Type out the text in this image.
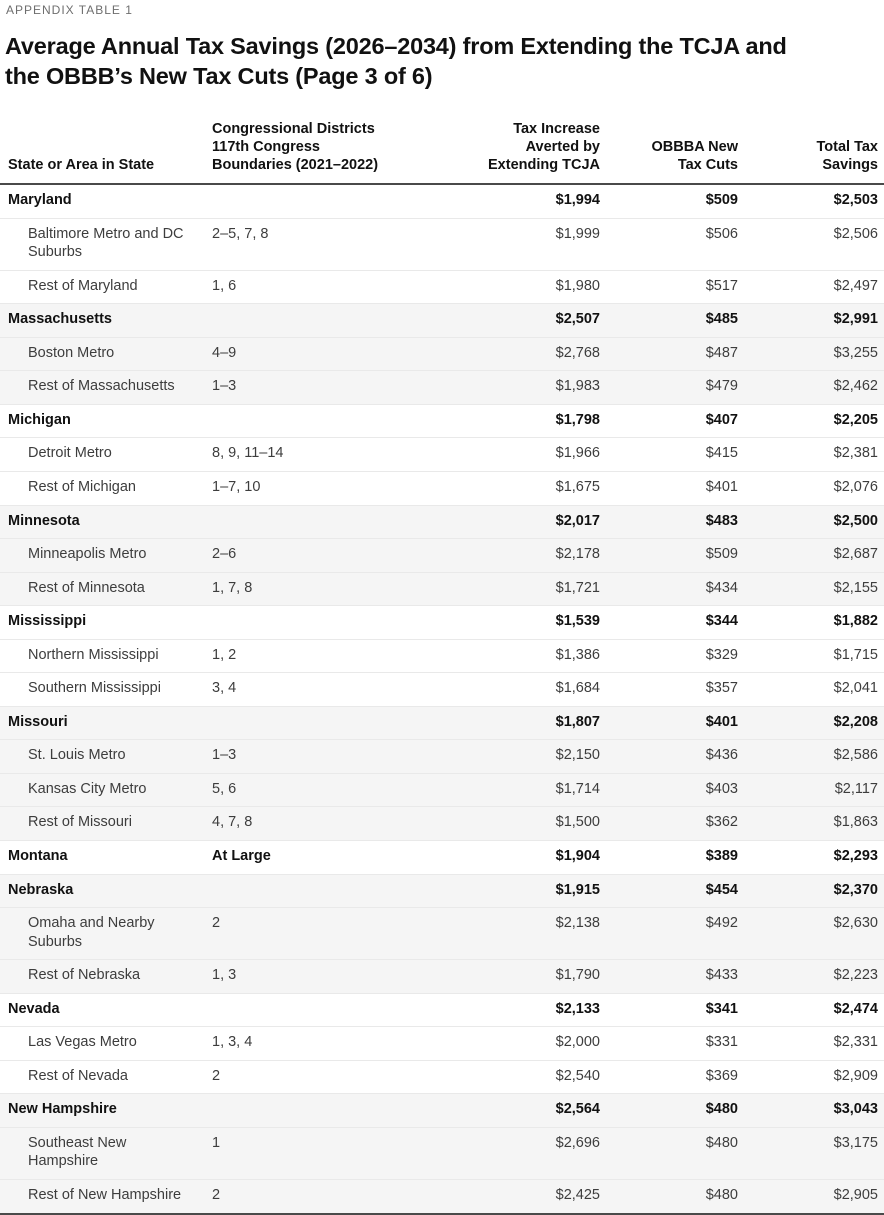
APPENDIX TABLE 1
Average Annual Tax Savings (2026–2034) from Extending the TCJA and the OBBB’s New Tax Cuts (Page 3 of 6)
State or Area in State	Congressional Districts 117th Congress Boundaries (2021–2022)	Tax Increase Averted by Extending TCJA	OBBBA New Tax Cuts	Total Tax Savings
Maryland		$1,994	$509	$2,503
Baltimore Metro and DC Suburbs	2–5, 7, 8	$1,999	$506	$2,506
Rest of Maryland	1, 6	$1,980	$517	$2,497
Massachusetts		$2,507	$485	$2,991
Boston Metro	4–9	$2,768	$487	$3,255
Rest of Massachusetts	1–3	$1,983	$479	$2,462
Michigan		$1,798	$407	$2,205
Detroit Metro	8, 9, 11–14	$1,966	$415	$2,381
Rest of Michigan	1–7, 10	$1,675	$401	$2,076
Minnesota		$2,017	$483	$2,500
Minneapolis Metro	2–6	$2,178	$509	$2,687
Rest of Minnesota	1, 7, 8	$1,721	$434	$2,155
Mississippi		$1,539	$344	$1,882
Northern Mississippi	1, 2	$1,386	$329	$1,715
Southern Mississippi	3, 4	$1,684	$357	$2,041
Missouri		$1,807	$401	$2,208
St. Louis Metro	1–3	$2,150	$436	$2,586
Kansas City Metro	5, 6	$1,714	$403	$2,117
Rest of Missouri	4, 7, 8	$1,500	$362	$1,863
Montana	At Large	$1,904	$389	$2,293
Nebraska		$1,915	$454	$2,370
Omaha and Nearby Suburbs	2	$2,138	$492	$2,630
Rest of Nebraska	1, 3	$1,790	$433	$2,223
Nevada		$2,133	$341	$2,474
Las Vegas Metro	1, 3, 4	$2,000	$331	$2,331
Rest of Nevada	2	$2,540	$369	$2,909
New Hampshire		$2,564	$480	$3,043
Southeast New Hampshire	1	$2,696	$480	$3,175
Rest of New Hampshire	2	$2,425	$480	$2,905
